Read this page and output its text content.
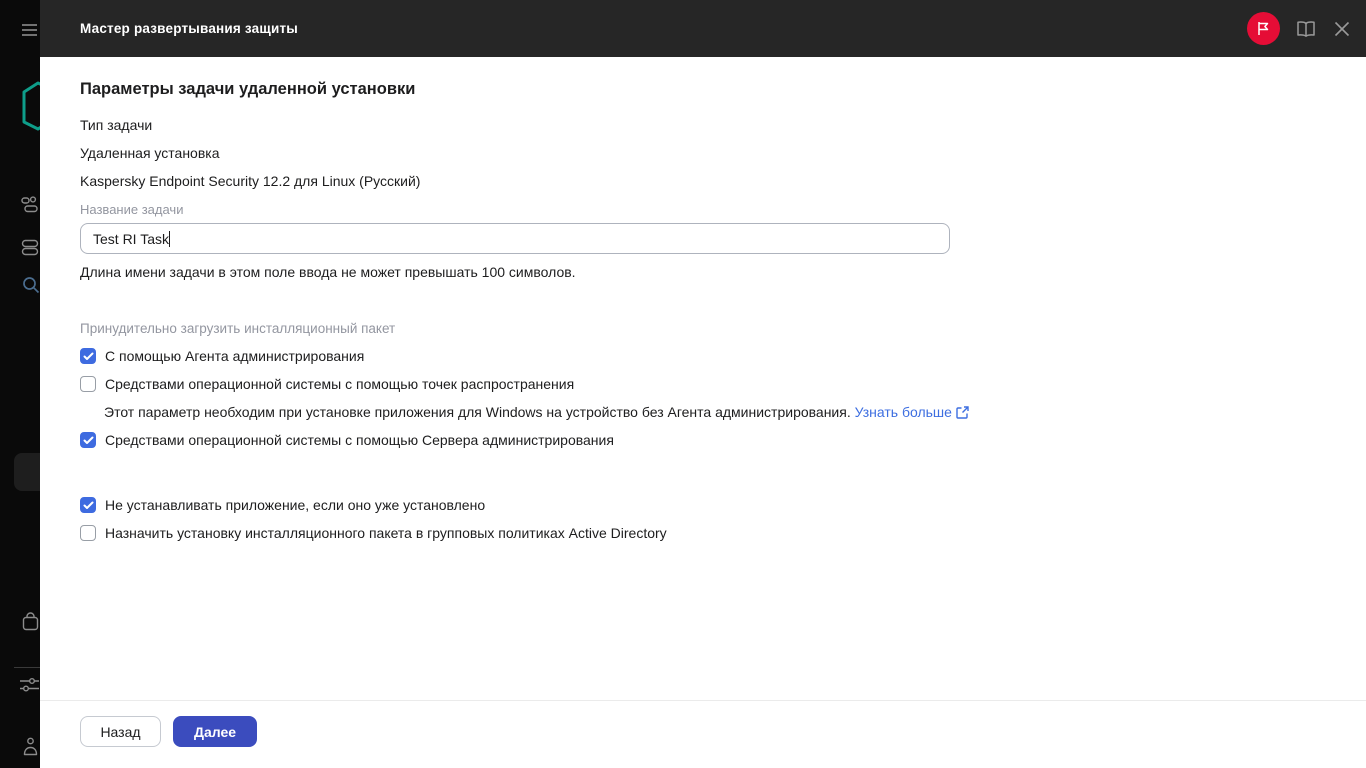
Мастер развертывания защиты
Параметры задачи удаленной установки
Тип задачи
Удаленная установка
Kaspersky Endpoint Security 12.2 для Linux (Русский)
Название задачи
Test RI Task
Длина имени задачи в этом поле ввода не может превышать 100 символов.
Принудительно загрузить инсталляционный пакет
С помощью Агента администрирования
Средствами операционной системы с помощью точек распространения
Этот параметр необходим при установке приложения для Windows на устройство без Агента администрирования. Узнать больше
Средствами операционной системы с помощью Сервера администрирования
Не устанавливать приложение, если оно уже установлено
Назначить установку инсталляционного пакета в групповых политиках Active Directory
Назад	Далее
